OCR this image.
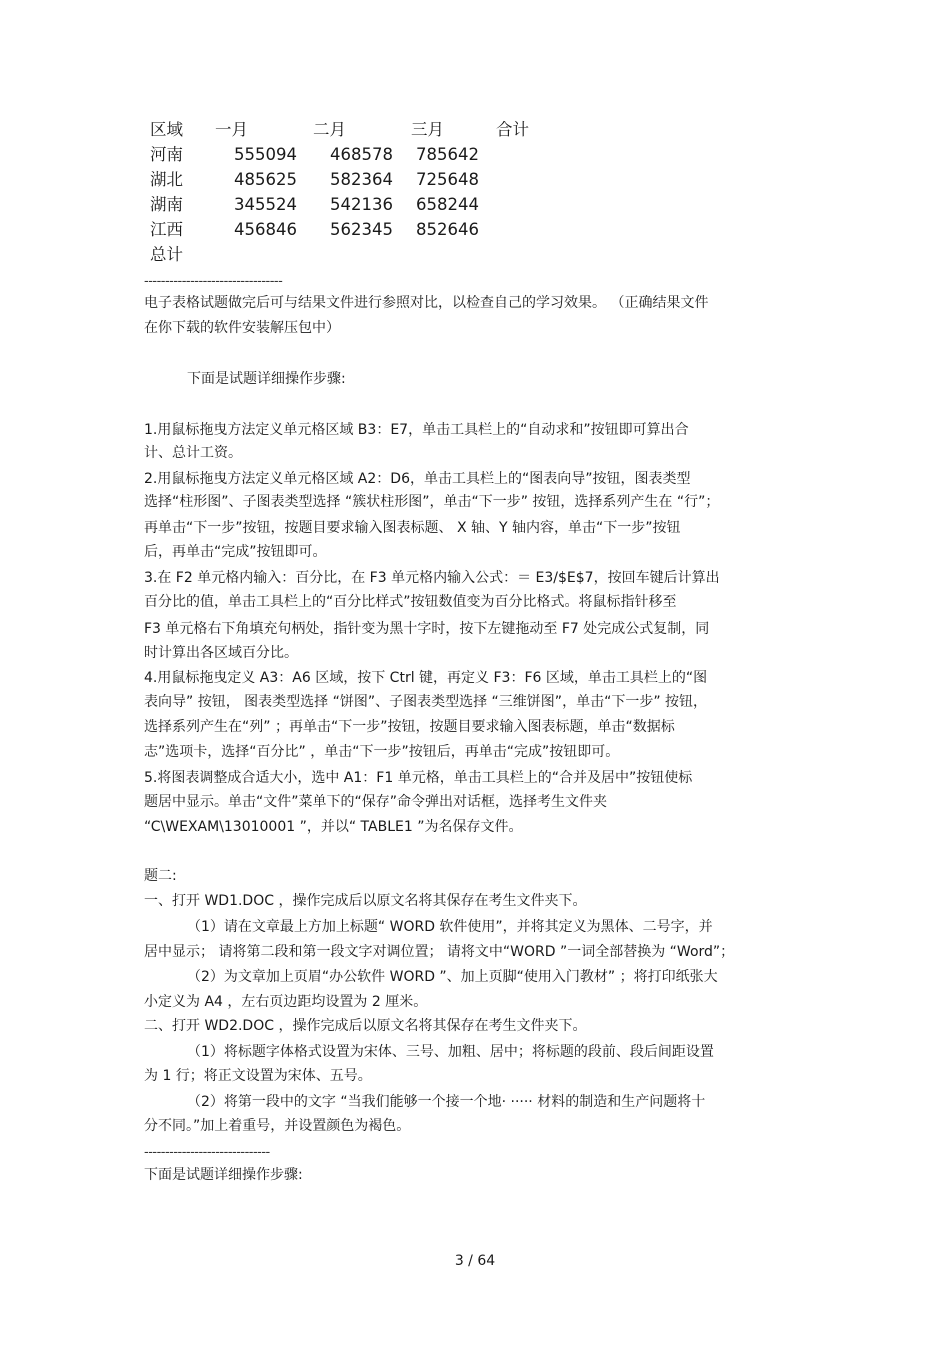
区域 一月	二月	三月	合计
河南	555094	468578	785642
湖北	485625	582364	725648
湖南	345524	542136	658244
江西	456846	562345	852646
总计
---------------------------------
电子表格试题做完后可与结果文件进行参照对比，以检查自己的学习效果。 （正确结果文件
在你下载的软件安装解压包中）
下面是试题详细操作步骤:
1.用鼠标拖曳方法定义单元格区域 B3：E7，单击工具栏上的“自动求和”按钮即可算出合
计、总计工资。
2.用鼠标拖曳方法定义单元格区域 A2：D6，单击工具栏上的“图表向导”按钮，图表类型
选择“柱形图”、子图表类型选择 “簇状柱形图”，单击“下一步” 按钮，选择系列产生在 “行”；
再单击“下一步”按钮，按题目要求输入图表标题、 X 轴、Y 轴内容，单击“下一步”按钮
后，再单击“完成”按钮即可。
3.在 F2 单元格内输入：百分比，在 F3 单元格内输入公式：＝ E3/$E$7，按回车键后计算出
百分比的值，单击工具栏上的“百分比样式”按钮数值变为百分比格式。将鼠标指针移至
F3 单元格右下角填充句柄处，指针变为黑十字时，按下左键拖动至 F7 处完成公式复制，同
时计算出各区域百分比。
4.用鼠标拖曳定义 A3：A6 区域，按下 Ctrl 键，再定义 F3：F6 区域，单击工具栏上的“图
表向导” 按钮， 图表类型选择 “饼图”、子图表类型选择 “三维饼图”，单击“下一步” 按钮，
选择系列产生在“列” ；再单击“下一步”按钮，按题目要求输入图表标题，单击“数据标
志”选项卡，选择“百分比” ，单击“下一步”按钮后，再单击“完成”按钮即可。
5.将图表调整成合适大小，选中 A1：F1 单元格，单击工具栏上的“合并及居中”按钮使标
题居中显示。单击“文件”菜单下的“保存”命令弹出对话框，选择考生文件夹
“C\WEXAM\13010001 ”，并以“ TABLE1 ”为名保存文件。
题二:
一、打开 WD1.DOC ，操作完成后以原文名将其保存在考生文件夹下。
（1）请在文章最上方加上标题“ WORD 软件使用”，并将其定义为黑体、二号字，并
居中显示； 请将第二段和第一段文字对调位置； 请将文中“WORD ”一词全部替换为 “Word”；
（2）为文章加上页眉“办公软件 WORD ”、加上页脚“使用入门教材” ；将打印纸张大
小定义为 A4 ，左右页边距均设置为 2 厘米。
二、打开 WD2.DOC ，操作完成后以原文名将其保存在考生文件夹下。
（1）将标题字体格式设置为宋体、三号、加粗、居中；将标题的段前、段后间距设置
为 1 行；将正文设置为宋体、五号。
（2）将第一段中的文字 “当我们能够一个接一个地· ····· 材料的制造和生产问题将十
分不同。”加上着重号，并设置颜色为褐色。
------------------------------
下面是试题详细操作步骤:
3 / 64
